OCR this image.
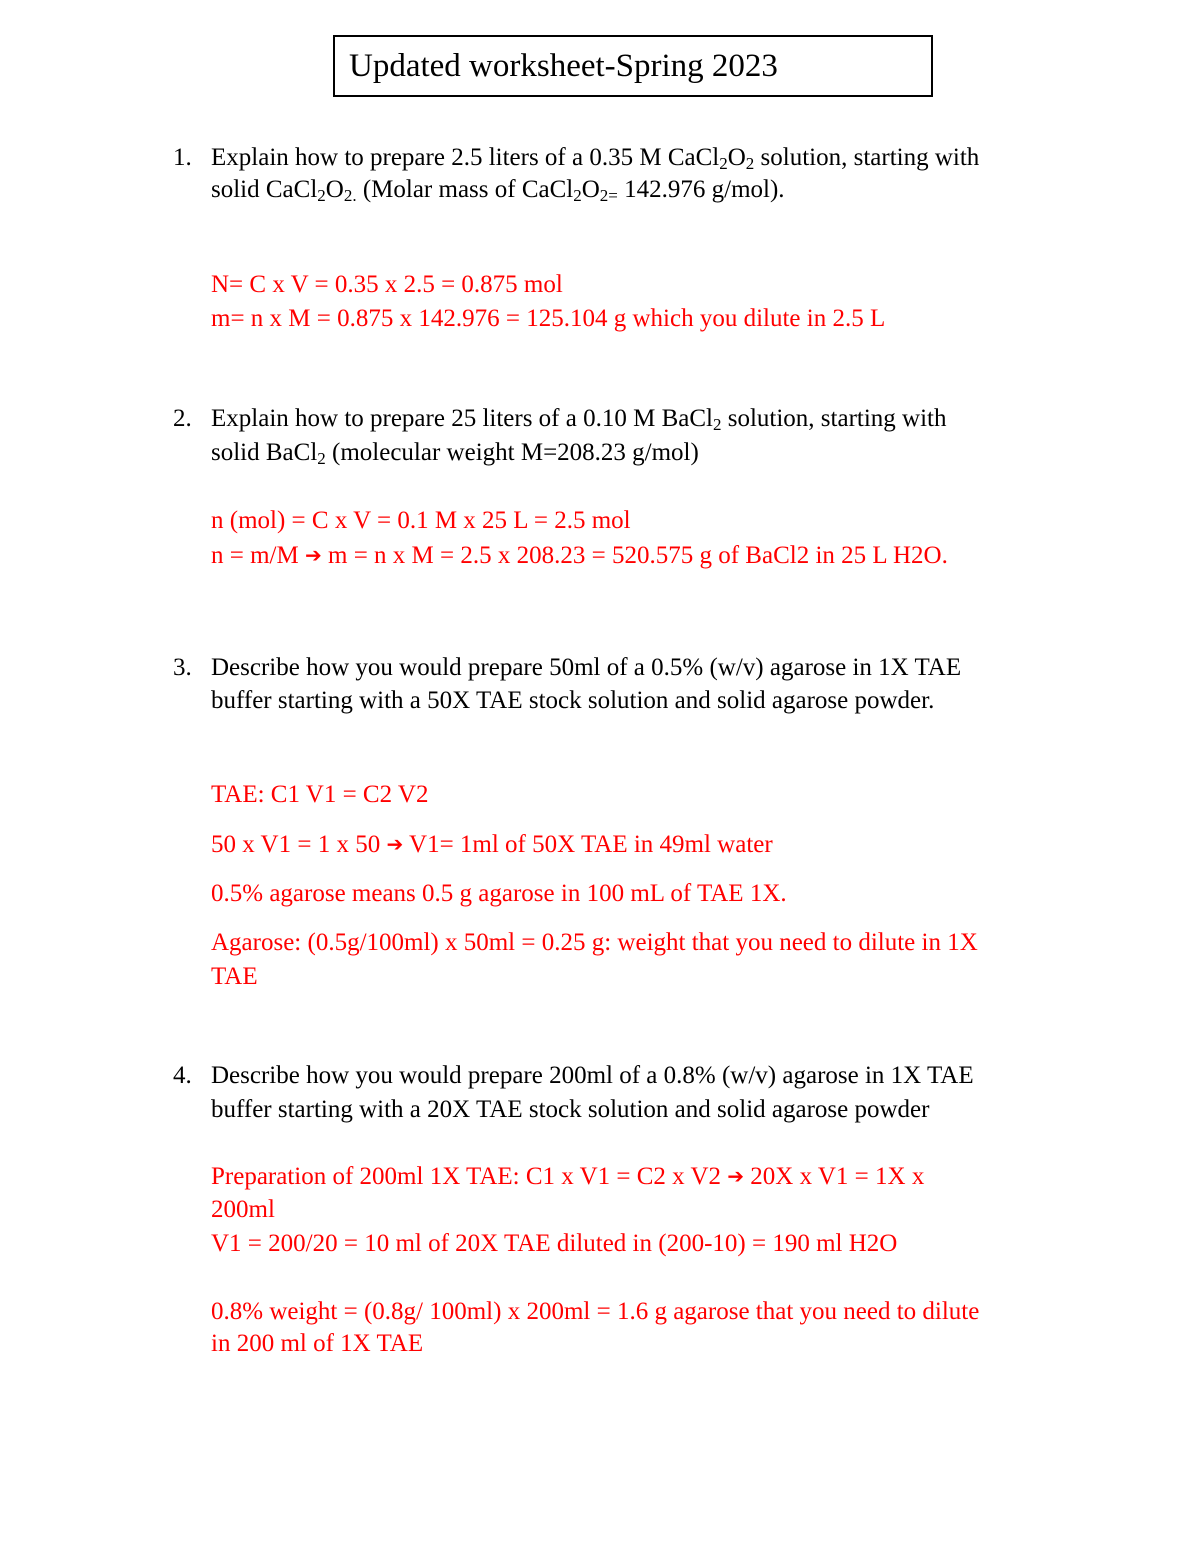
Updated worksheet-Spring 2023
1. Explain how to prepare 2.5 liters of a 0.35 M $CaCl_2O_2$ solution, starting with
solid $CaCl_2O_{2.}$ (Molar mass of $CaCl_2O_{2=}$ 142.976 g/mol).
N= C x V = 0.35 x 2.5 = 0.875 mol
m= n x M = 0.875 x 142.976 = 125.104 g which you dilute in 2.5 L
2. Explain how to prepare 25 liters of a 0.10 M BaCl$_2$ solution, starting with
solid BaCl$_2$ (molecular weight M=208.23 g/mol)
n (mol) = C x V = 0.1 M x 25 L = 2.5 mol
n = m/M ➔ m = n x M = 2.5 x 208.23 = 520.575 g of BaCl2 in 25 L H2O.
3. Describe how you would prepare 50ml of a 0.5% (w/v) agarose in 1X TAE
buffer starting with a 50X TAE stock solution and solid agarose powder.
TAE: C1 V1 = C2 V2
50 x V1 = 1 x 50 ➔ V1= 1ml of 50X TAE in 49ml water
0.5% agarose means 0.5 g agarose in 100 mL of TAE 1X.
Agarose: (0.5g/100ml) x 50ml = 0.25 g: weight that you need to dilute in 1X
TAE
4. Describe how you would prepare 200ml of a 0.8% (w/v) agarose in 1X TAE
buffer starting with a 20X TAE stock solution and solid agarose powder
Preparation of 200ml 1X TAE: C1 x V1 = C2 x V2 ➔ 20X x V1 = 1X x
200ml
V1 = 200/20 = 10 ml of 20X TAE diluted in (200-10) = 190 ml H2O
0.8% weight = (0.8g/ 100ml) x 200ml = 1.6 g agarose that you need to dilute
in 200 ml of 1X TAE
